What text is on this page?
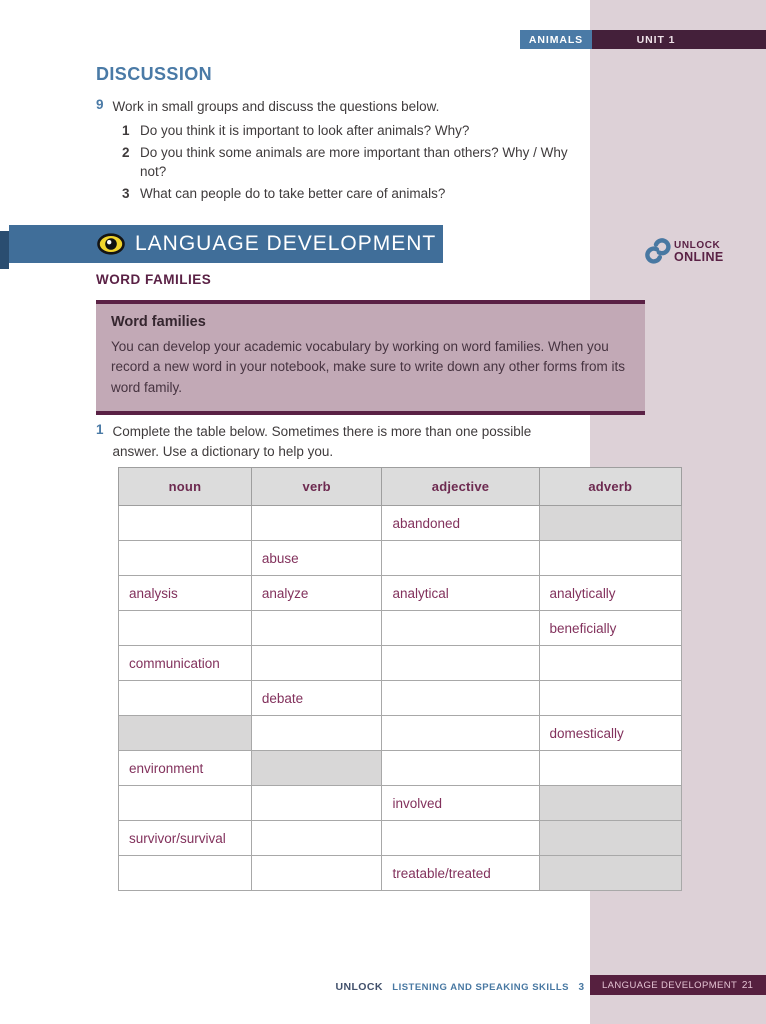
ANIMALS	UNIT 1
DISCUSSION
9 Work in small groups and discuss the questions below.
1 Do you think it is important to look after animals? Why?
2 Do you think some animals are more important than others? Why / Why not?
3 What can people do to take better care of animals?
LANGUAGE DEVELOPMENT	UNLOCK
ONLINE
WORD FAMILIES
Word families
You can develop your academic vocabulary by working on word families. When you record a new word in your notebook, make sure to write down any other forms from its word family.
1 Complete the table below. Sometimes there is more than one possible answer. Use a dictionary to help you.
noun	verb	adjective	adverb
		abandoned	
	abuse		
analysis	analyze	analytical	analytically
			beneficially
communication			
	debate		
			domestically
environment			
		involved	
survivor/survival			
		treatable/treated	
UNLOCK LISTENING AND SPEAKING SKILLS 3 LANGUAGE DEVELOPMENT 21
